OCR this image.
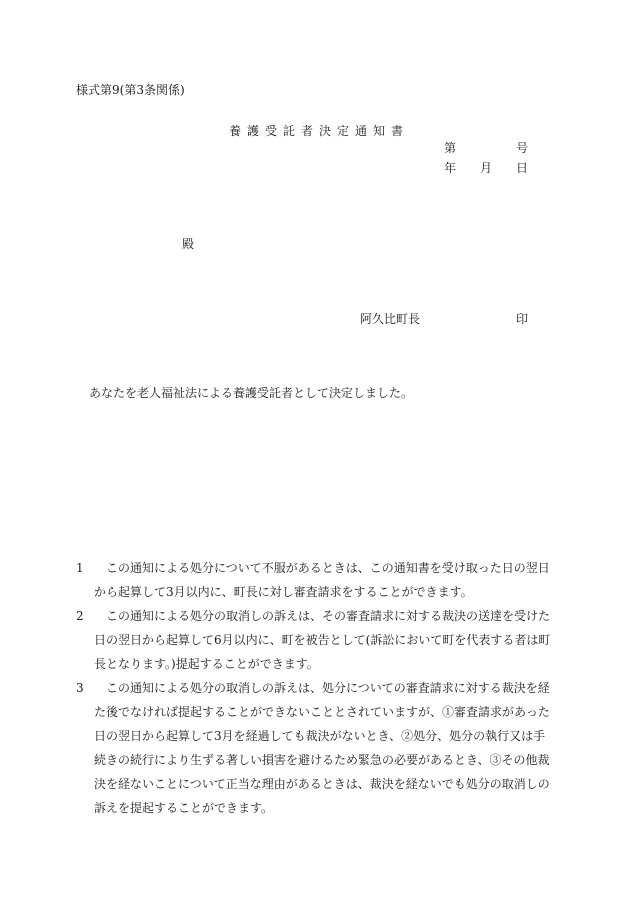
様式第9(第3条関係)
養護受託者決定通知書
第	号
年 月 日
殿
阿久比町長	印
あなたを老人福祉法による養護受託者として決定しました。
1	この通知による処分について不服があるときは、この通知書を受け取った日の翌日から起算して3月以内に、町長に対し審査請求をすることができます。
2	この通知による処分の取消しの訴えは、その審査請求に対する裁決の送達を受けた日の翌日から起算して6月以内に、町を被告として(訴訟において町を代表する者は町長となります。)提起することができます。
3	この通知による処分の取消しの訴えは、処分についての審査請求に対する裁決を経た後でなければ提起することができないこととされていますが、①審査請求があった日の翌日から起算して3月を経過しても裁決がないとき、②処分、処分の執行又は手続きの続行により生ずる著しい損害を避けるため緊急の必要があるとき、③その他裁決を経ないことについて正当な理由があるときは、裁決を経ないでも処分の取消しの訴えを提起することができます。
